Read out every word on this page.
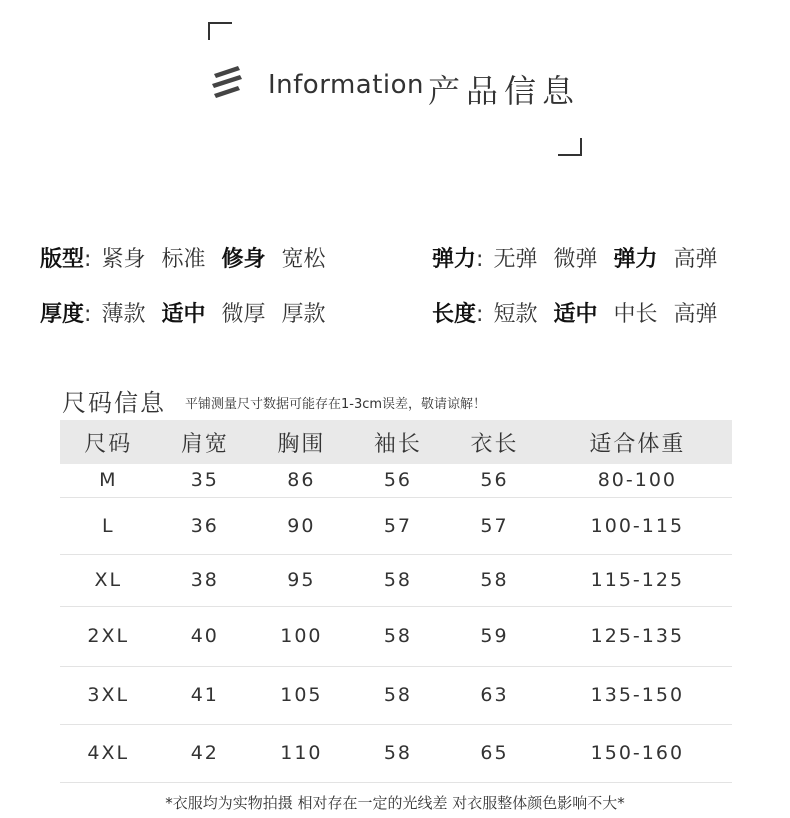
Information 产品信息
版型 : 紧身 标准 修身 宽松	弹力 : 无弹 微弹 弹力 高弹
厚度 : 薄款 适中 微厚 厚款	长度 : 短款 适中 中长 高弹
尺码信息 平铺测量尺寸数据可能存在1-3cm误差，敬请谅解！
尺码	肩宽	胸围	袖长	衣长	适合体重
M	35	86	56	56	80-100
L	36	90	57	57	100-115
XL	38	95	58	58	115-125
2XL	40	100	58	59	125-135
3XL	41	105	58	63	135-150
4XL	42	110	58	65	150-160
*衣服均为实物拍摄 相对存在一定的光线差 对衣服整体颜色影响不大*
